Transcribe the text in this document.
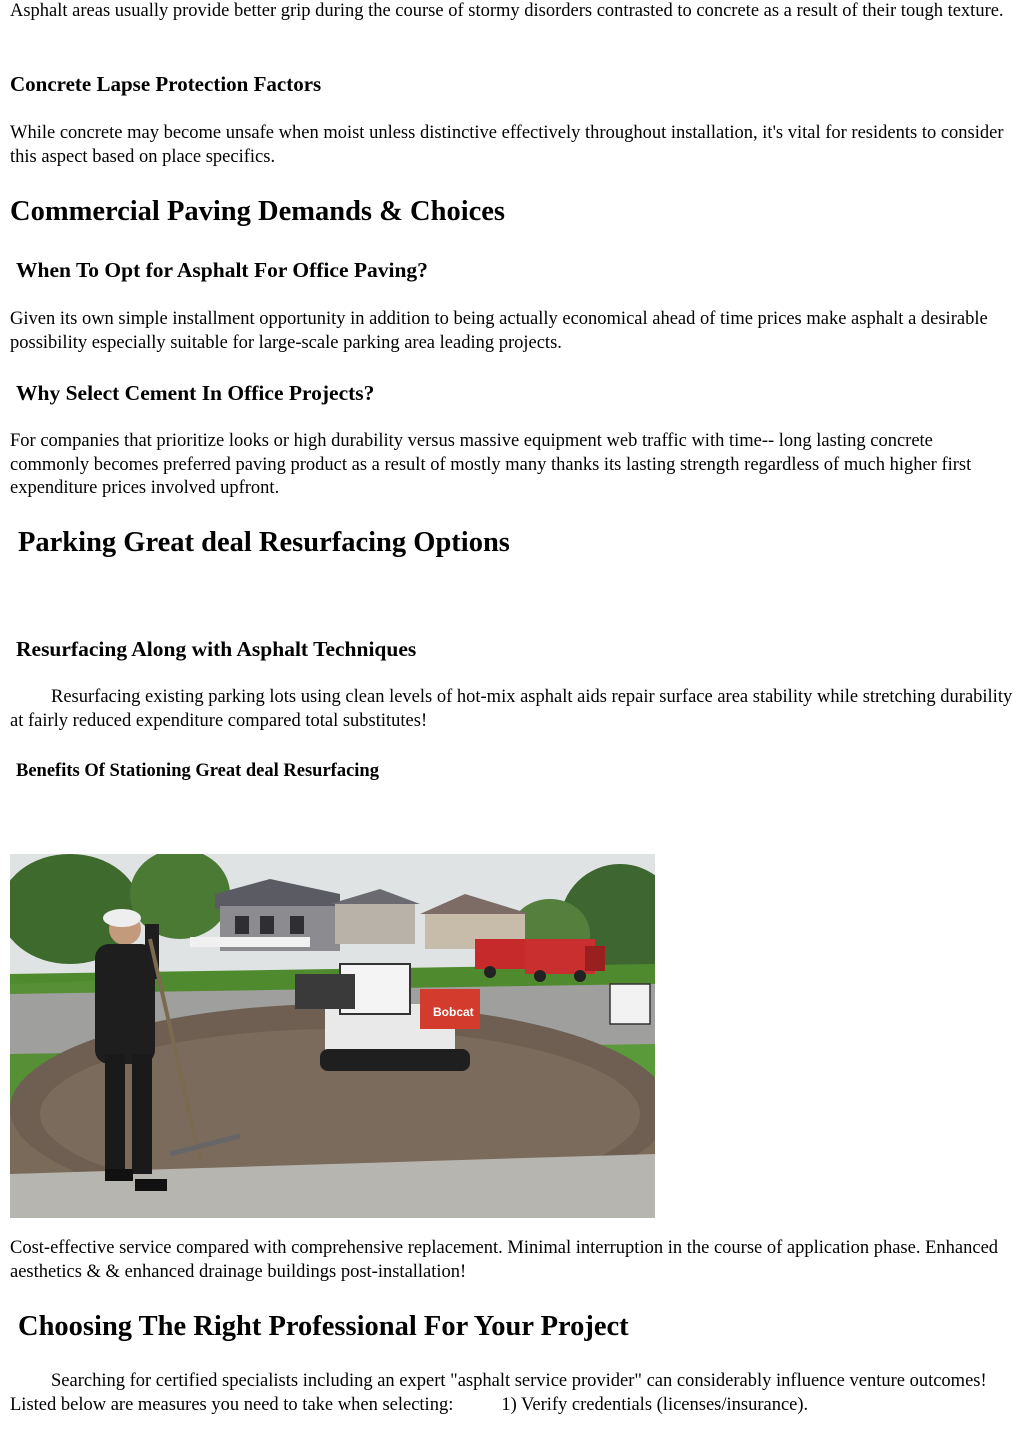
Asphalt areas usually provide better grip during the course of stormy disorders contrasted to concrete as a result of their tough texture.

Concrete Lapse Protection Factors

While concrete may become unsafe when moist unless distinctive effectively throughout installation, it's vital for residents to consider this aspect based on place specifics.

Commercial Paving Demands & Choices
When To Opt for Asphalt For Office Paving?

Given its own simple installment opportunity in addition to being actually economical ahead of time prices make asphalt a desirable possibility especially suitable for large-scale parking area leading projects.

Why Select Cement In Office Projects?

For companies that prioritize looks or high durability versus massive equipment web traffic with time-- long lasting concrete commonly becomes preferred paving product as a result of mostly many thanks its lasting strength regardless of much higher first expenditure prices involved upfront.

Parking Great deal Resurfacing Options
Resurfacing Along with Asphalt Techniques

Resurfacing existing parking lots using clean levels of hot-mix asphalt aids repair surface area stability while stretching durability at fairly reduced expenditure compared total substitutes!

Benefits Of Stationing Great deal Resurfacing
Bobcat

Cost-effective service compared with comprehensive replacement. Minimal interruption in the course of application phase. Enhanced aesthetics & & enhanced drainage buildings post-installation!

Choosing The Right Professional For Your Project

Searching for certified specialists including an expert "asphalt service provider" can considerably influence venture outcomes! Listed below are measures you need to take when selecting:	1) Verify credentials (licenses/insurance).
